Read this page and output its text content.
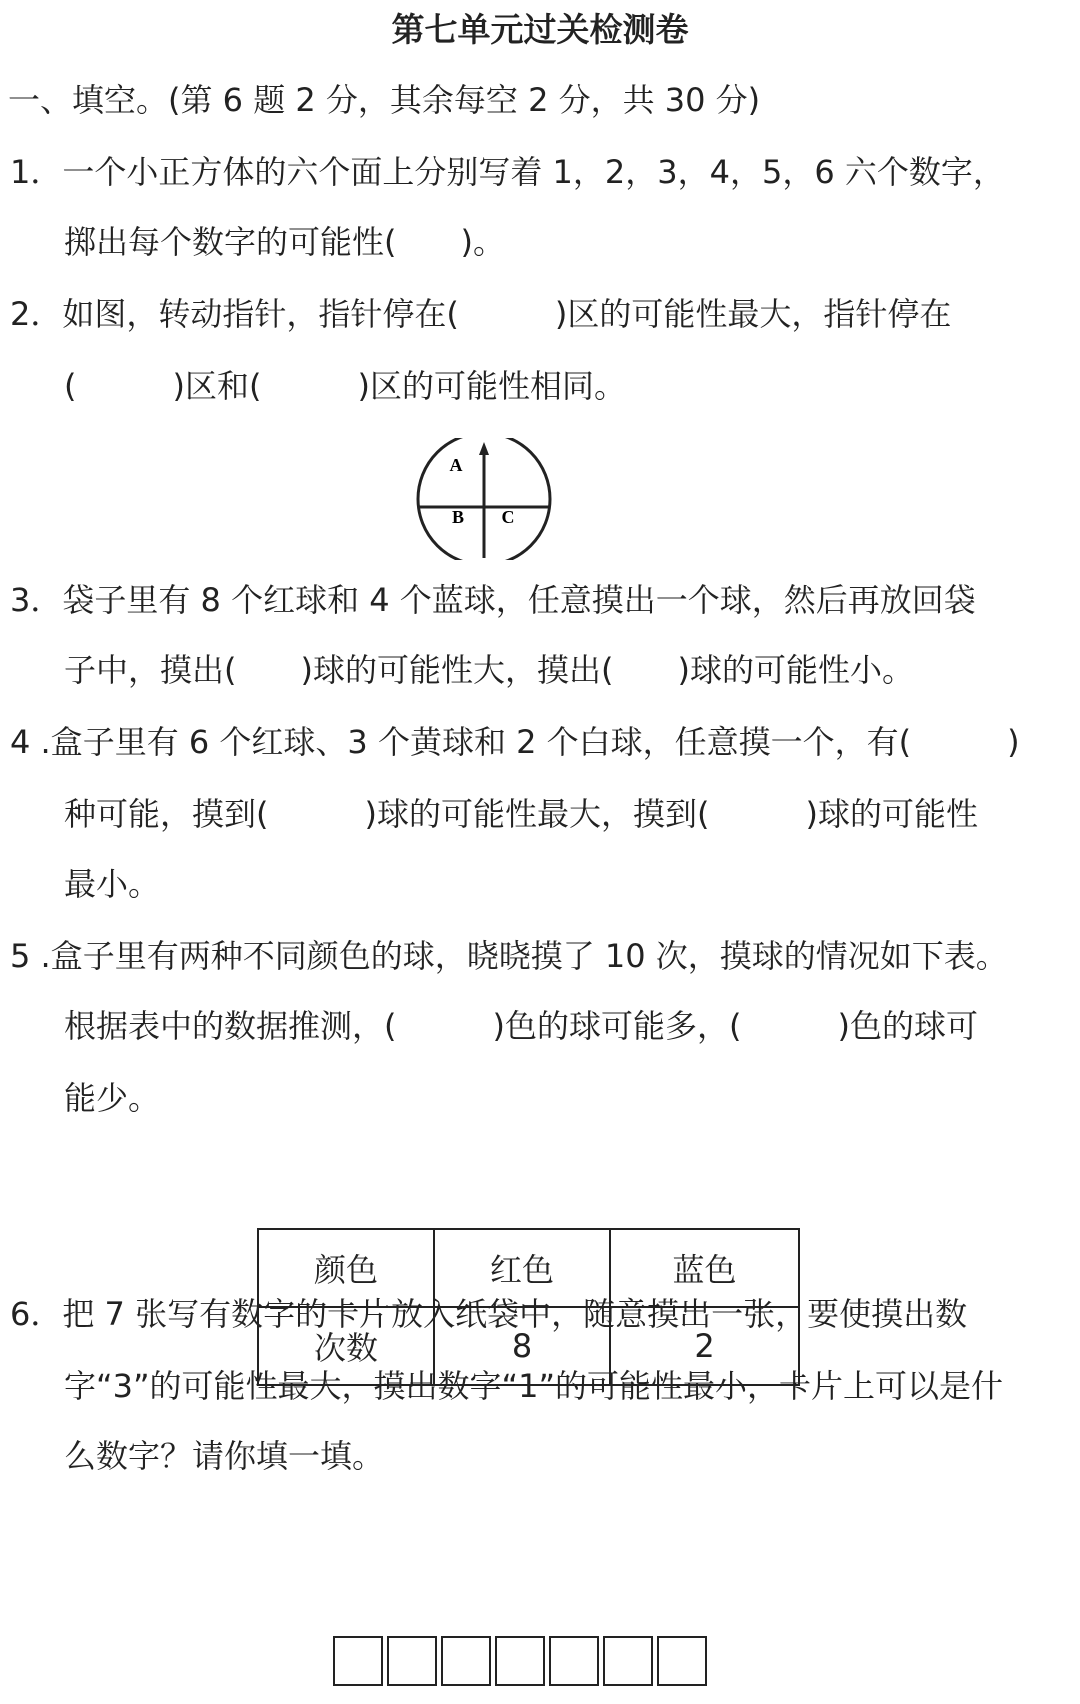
第七单元过关检测卷
一、填空。(第 6 题 2 分，其余每空 2 分，共 30 分)
1．一个小正方体的六个面上分别写着 1，2，3，4，5，6 六个数字，
掷出每个数字的可能性(　　)。
2．如图，转动指针，指针停在(　　　)区的可能性最大，指针停在
(　　　)区和(　　　)区的可能性相同。
A
B C
3．袋子里有 8 个红球和 4 个蓝球，任意摸出一个球，然后再放回袋
子中，摸出(　　)球的可能性大，摸出(　　)球的可能性小。
4 .盒子里有 6 个红球、3 个黄球和 2 个白球，任意摸一个，有(　　　)
种可能，摸到(　　　)球的可能性最大，摸到(　　　)球的可能性
最小。
5 .盒子里有两种不同颜色的球，晓晓摸了 10 次，摸球的情况如下表。
根据表中的数据推测，(　　　)色的球可能多，(　　　)色的球可
能少。
颜色	红色	蓝色
次数	8	2
6．把 7 张写有数字的卡片放入纸袋中，随意摸出一张，要使摸出数
字“3”的可能性最大，摸出数字“1”的可能性最小，卡片上可以是什
么数字？请你填一填。
